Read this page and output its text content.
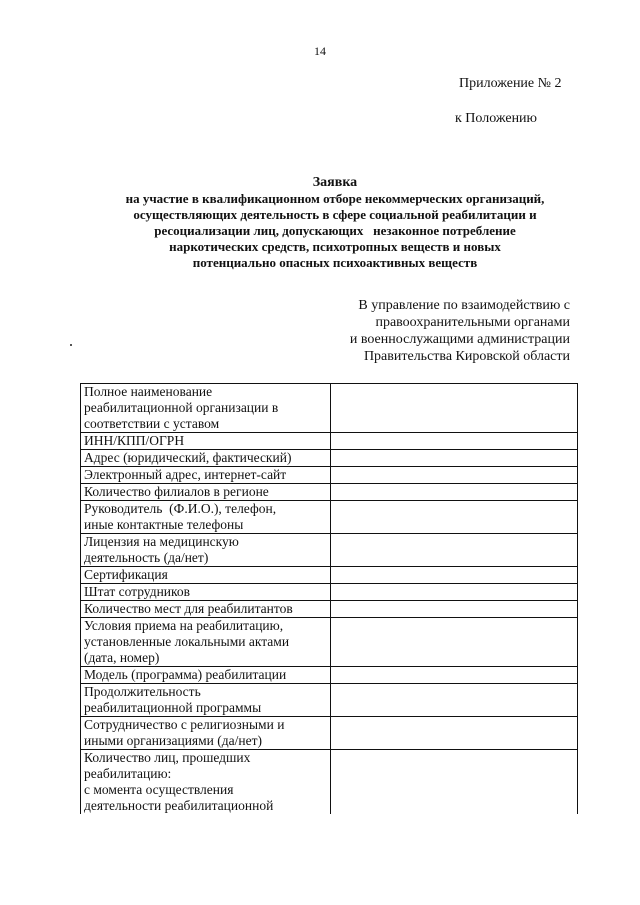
14
Приложение № 2
к Положению
Заявка
на участие в квалификационном отборе некоммерческих организаций,
осуществляющих деятельность в сфере социальной реабилитации и
ресоциализации лиц, допускающих   незаконное потребление
наркотических средств, психотропных веществ и новых
потенциально опасных психоактивных веществ
В управление по взаимодействию с
правоохранительными органами
и военнослужащими администрации
Правительства Кировской области
Полное наименование
реабилитационной организации в
соответствии с уставом	

ИНН/КПП/ОГРН	

Адрес (юридический, фактический)	

Электронный адрес, интернет-сайт	

Количество филиалов в регионе	

Руководитель  (Ф.И.О.), телефон,
иные контактные телефоны	

Лицензия на медицинскую
деятельность (да/нет)	

Сертификация	

Штат сотрудников	

Количество мест для реабилитантов	

Условия приема на реабилитацию,
установленные локальными актами
(дата, номер)	

Модель (программа) реабилитации	

Продолжительность
реабилитационной программы	

Сотрудничество с религиозными и
иными организациями (да/нет)	

Количество лиц, прошедших
реабилитацию:
с момента осуществления
деятельности реабилитационной	
